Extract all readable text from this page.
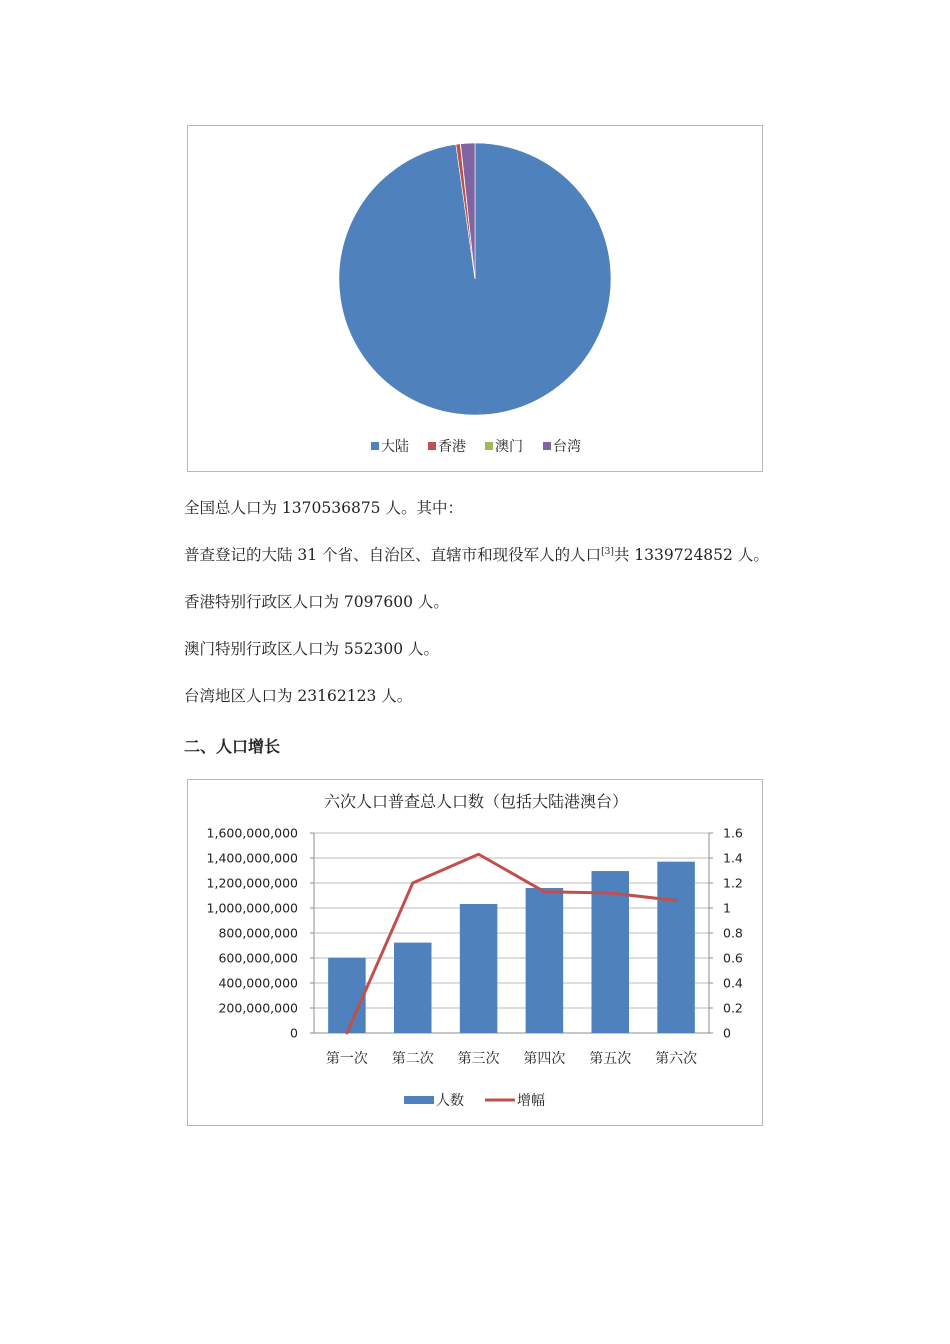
大陆 香港 澳门 台湾
全国总人口为 1370536875 人。其中：
普查登记的大陆 31 个省、自治区、直辖市和现役军人的人口[3]共 1339724852 人。
香港特别行政区人口为 7097600 人。
澳门特别行政区人口为 552300 人。
台湾地区人口为 23162123 人。
二、人口增长
六次人口普查总人口数（包括大陆港澳台）
0	0
200,000,000	0.2
400,000,000	0.4
600,000,000	0.6
800,000,000	0.8
1,000,000,000	1
1,200,000,000	1.2
1,400,000,000	1.4
1,600,000,000	1.6
第一次 第二次 第三次 第四次 第五次 第六次
人数	增幅
